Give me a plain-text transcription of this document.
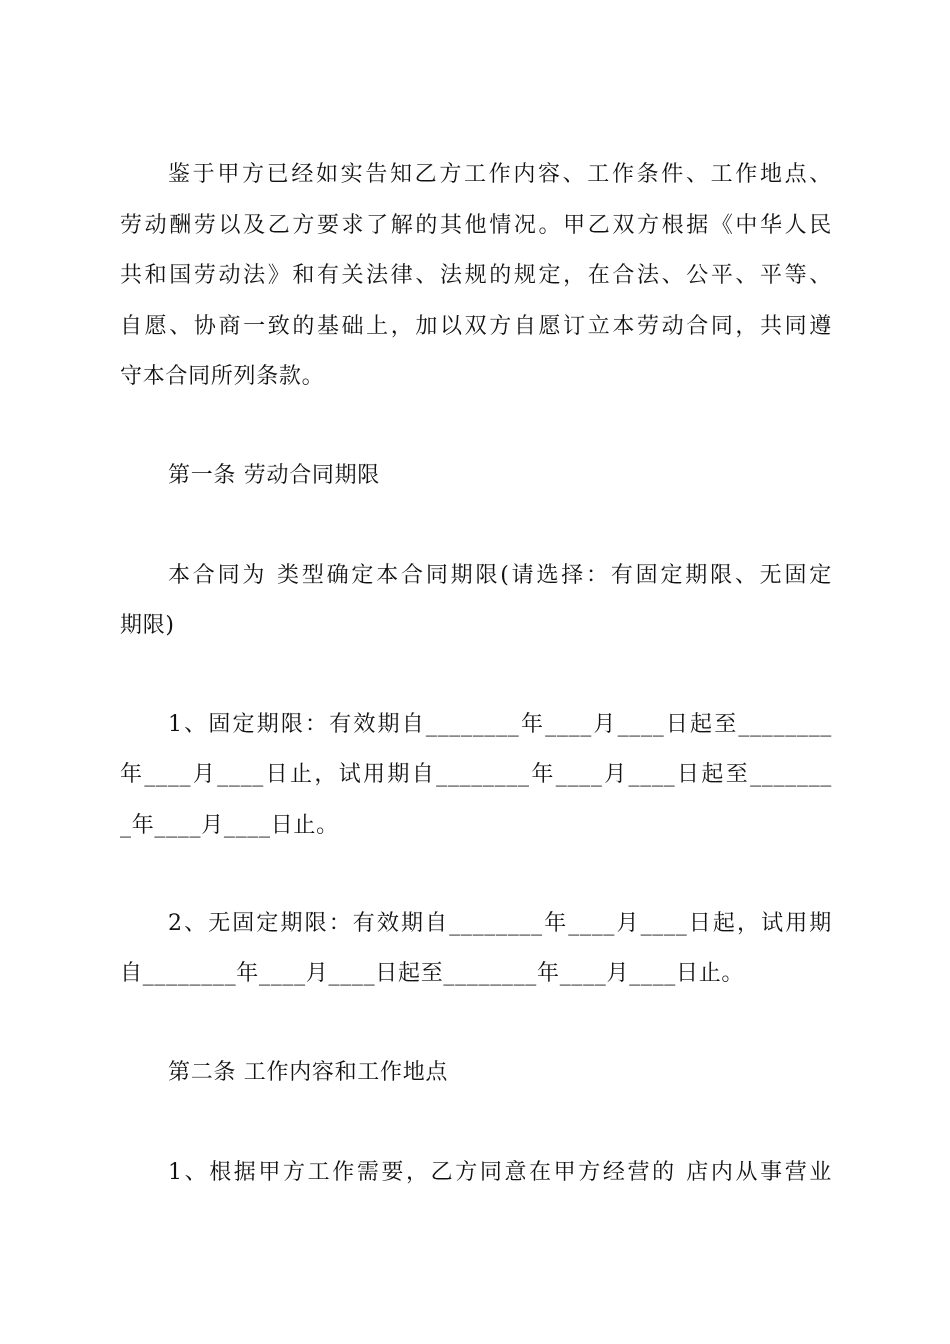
鉴于甲方已经如实告知乙方工作内容、工作条件、工作地点、
劳动酬劳以及乙方要求了解的其他情况。甲乙双方根据《中华人民
共和国劳动法》和有关法律、法规的规定，在合法、公平、平等、
自愿、协商一致的基础上，加以双方自愿订立本劳动合同，共同遵
守本合同所列条款。
第一条 劳动合同期限
本合同为 类型确定本合同期限(请选择：有固定期限、无固定
期限)
1、固定期限：有效期自________年____月____日起至________
年____月____日止，试用期自________年____月____日起至_______
_年____月____日止。
2、无固定期限：有效期自________年____月____日起，试用期
自________年____月____日起至________年____月____日止。
第二条 工作内容和工作地点
1、根据甲方工作需要，乙方同意在甲方经营的 店内从事营业
